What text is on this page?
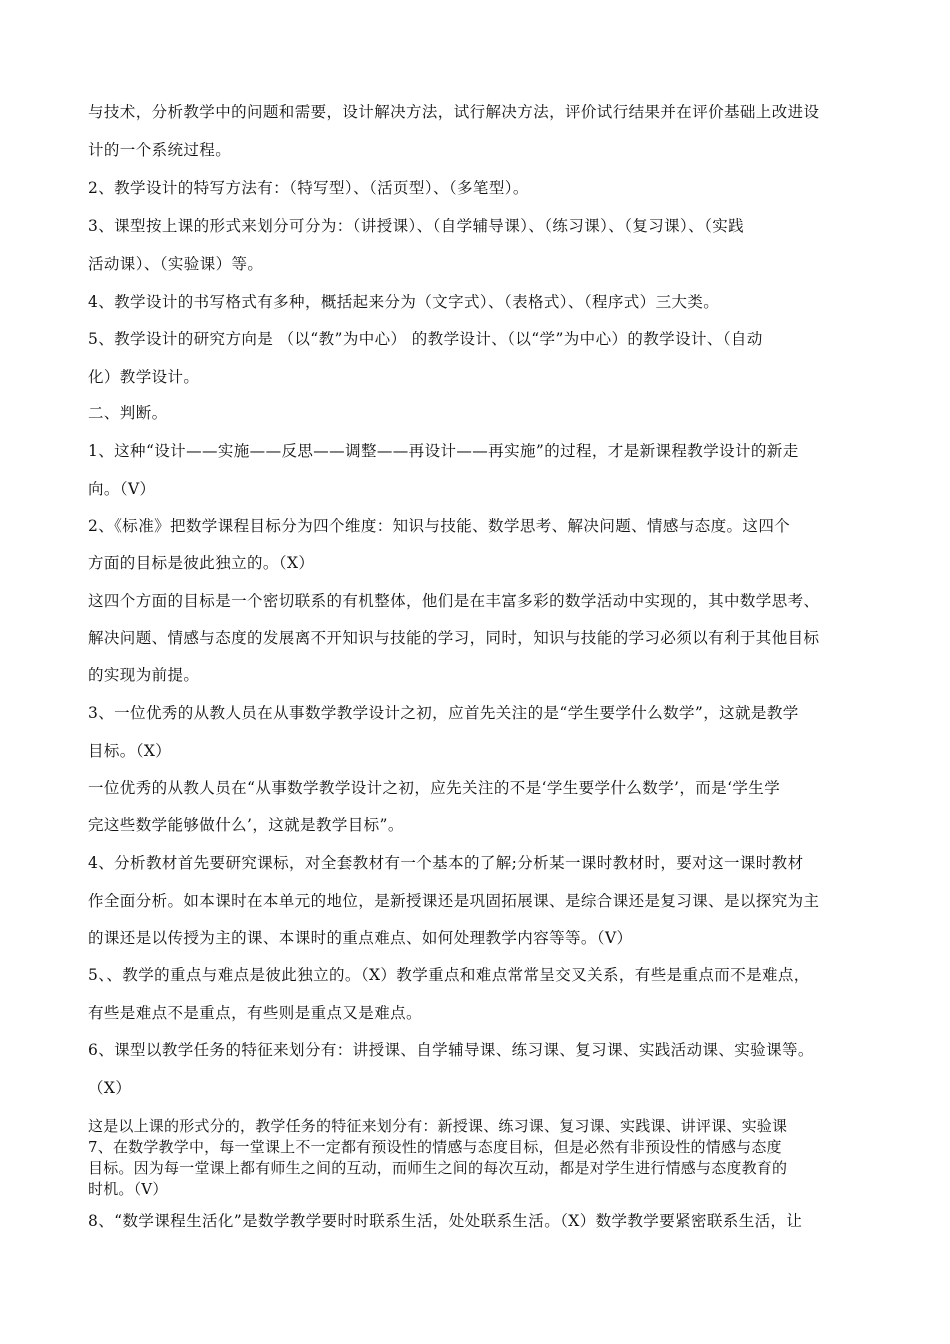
与技术，分析教学中的问题和需要，设计解决方法，试行解决方法，评价试行结果并在评价基础上改进设
计的一个系统过程。
2、教学设计的特写方法有：（特写型）、（活页型）、（多笔型）。
3、课型按上课的形式来划分可分为：（讲授课）、（自学辅导课）、（练习课）、（复习课）、（实践
活动课）、（实验课）等。
4、教学设计的书写格式有多种，概括起来分为（文字式）、（表格式）、（程序式）三大类。
5、教学设计的研究方向是 （以“教”为中心） 的教学设计、（以“学”为中心）的教学设计、（自动
化）教学设计。
二、判断。
1、这种“设计——实施——反思——调整——再设计——再实施”的过程，才是新课程教学设计的新走
向。（V）
2、《标准》把数学课程目标分为四个维度：知识与技能、数学思考、解决问题、情感与态度。这四个
方面的目标是彼此独立的。（X）
这四个方面的目标是一个密切联系的有机整体，他们是在丰富多彩的数学活动中实现的，其中数学思考、
解决问题、情感与态度的发展离不开知识与技能的学习，同时，知识与技能的学习必须以有利于其他目标
的实现为前提。
3、一位优秀的从教人员在从事数学教学设计之初，应首先关注的是“学生要学什么数学”，这就是教学
目标。（X）
一位优秀的从教人员在“从事数学教学设计之初，应先关注的不是‘学生要学什么数学’，而是‘学生学
完这些数学能够做什么’，这就是教学目标”。
4、分析教材首先要研究课标，对全套教材有一个基本的了解;分析某一课时教材时，要对这一课时教材
作全面分析。如本课时在本单元的地位，是新授课还是巩固拓展课、是综合课还是复习课、是以探究为主
的课还是以传授为主的课、本课时的重点难点、如何处理教学内容等等。（V）
5、、教学的重点与难点是彼此独立的。（X）教学重点和难点常常呈交叉关系，有些是重点而不是难点，
有些是难点不是重点，有些则是重点又是难点。
6、课型以教学任务的特征来划分有：讲授课、自学辅导课、练习课、复习课、实践活动课、实验课等。
（X）
这是以上课的形式分的，教学任务的特征来划分有：新授课、练习课、复习课、实践课、讲评课、实验课
7、在数学教学中，每一堂课上不一定都有预设性的情感与态度目标，但是必然有非预设性的情感与态度
目标。因为每一堂课上都有师生之间的互动，而师生之间的每次互动，都是对学生进行情感与态度教育的
时机。（V）
8、“数学课程生活化”是数学教学要时时联系生活，处处联系生活。（X）数学教学要紧密联系生活，让
